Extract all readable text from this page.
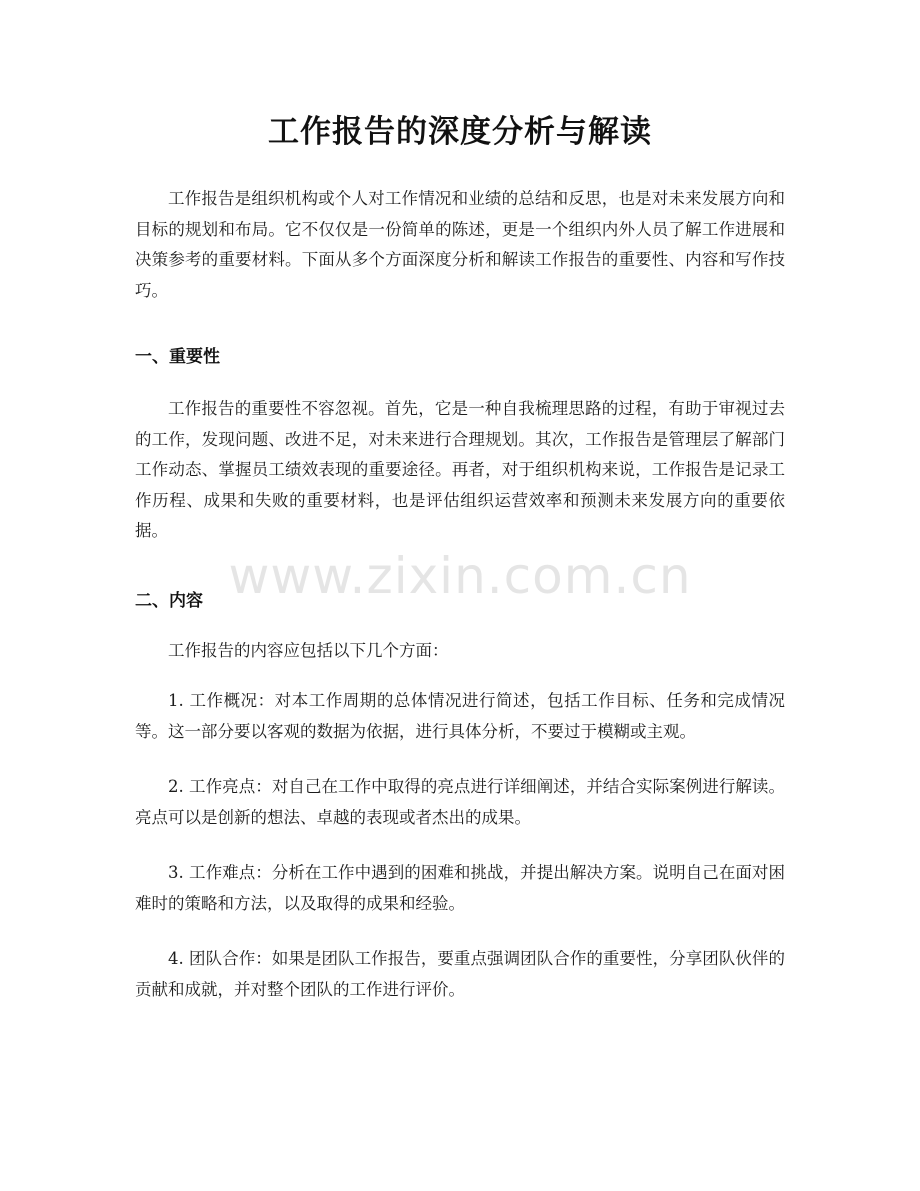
工作报告的深度分析与解读

工作报告是组织机构或个人对工作情况和业绩的总结和反思，也是对未来发展方向和目标的规划和布局。它不仅仅是一份简单的陈述，更是一个组织内外人员了解工作进展和决策参考的重要材料。下面从多个方面深度分析和解读工作报告的重要性、内容和写作技巧。

一、重要性

工作报告的重要性不容忽视。首先，它是一种自我梳理思路的过程，有助于审视过去的工作，发现问题、改进不足，对未来进行合理规划。其次，工作报告是管理层了解部门工作动态、掌握员工绩效表现的重要途径。再者，对于组织机构来说，工作报告是记录工作历程、成果和失败的重要材料，也是评估组织运营效率和预测未来发展方向的重要依据。

二、内容

工作报告的内容应包括以下几个方面：

1. 工作概况：对本工作周期的总体情况进行简述，包括工作目标、任务和完成情况等。这一部分要以客观的数据为依据，进行具体分析，不要过于模糊或主观。

2. 工作亮点：对自己在工作中取得的亮点进行详细阐述，并结合实际案例进行解读。亮点可以是创新的想法、卓越的表现或者杰出的成果。

3. 工作难点：分析在工作中遇到的困难和挑战，并提出解决方案。说明自己在面对困难时的策略和方法，以及取得的成果和经验。

4. 团队合作：如果是团队工作报告，要重点强调团队合作的重要性，分享团队伙伴的贡献和成就，并对整个团队的工作进行评价。

www.zixin.com.cn
